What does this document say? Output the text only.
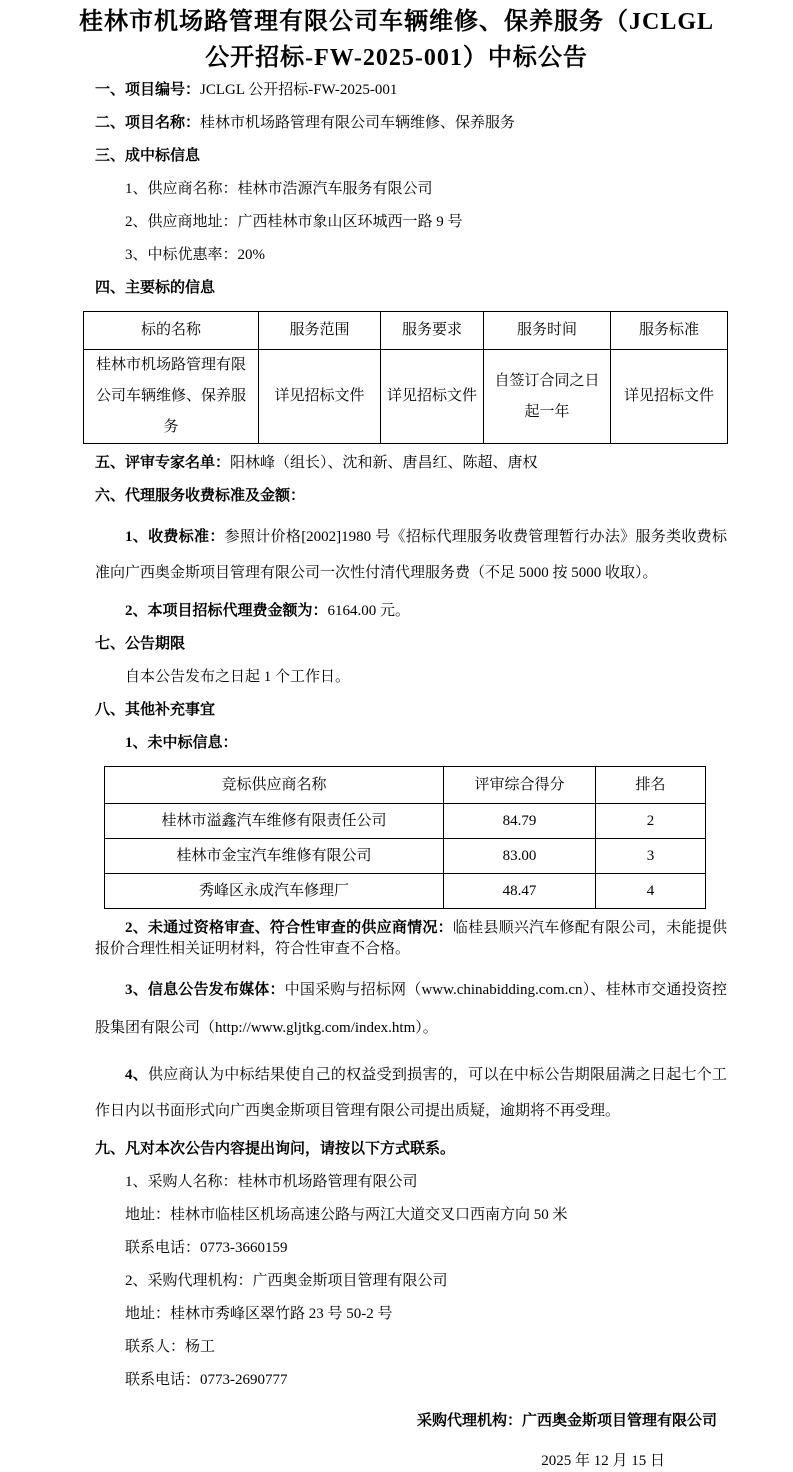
桂林市机场路管理有限公司车辆维修、保养服务（JCLGL
公开招标-FW-2025-001）中标公告

一、项目编号：JCLGL 公开招标-FW-2025-001

二、项目名称：桂林市机场路管理有限公司车辆维修、保养服务

三、成中标信息

1、供应商名称：桂林市浩源汽车服务有限公司

2、供应商地址：广西桂林市象山区环城西一路 9 号

3、中标优惠率：20%

四、主要标的信息

标的名称	服务范围	服务要求	服务时间	服务标准
桂林市机场路管理有限公司车辆维修、保养服务	详见招标文件	详见招标文件	自签订合同之日起一年	详见招标文件

五、评审专家名单：阳林峰（组长）、沈和新、唐昌红、陈超、唐权

六、代理服务收费标准及金额：

1、收费标准：参照计价格[2002]1980 号《招标代理服务收费管理暂行办法》服务类收费标准向广西奥金斯项目管理有限公司一次性付清代理服务费（不足 5000 按 5000 收取）。

2、本项目招标代理费金额为：6164.00 元。

七、公告期限

自本公告发布之日起 1 个工作日。

八、其他补充事宜

1、未中标信息：

竞标供应商名称	评审综合得分	排名
桂林市溢鑫汽车维修有限责任公司	84.79	2
桂林市金宝汽车维修有限公司	83.00	3
秀峰区永成汽车修理厂	48.47	4

2、未通过资格审查、符合性审查的供应商情况：临桂县顺兴汽车修配有限公司，未能提供报价合理性相关证明材料，符合性审查不合格。

3、信息公告发布媒体：中国采购与招标网（www.chinabidding.com.cn）、桂林市交通投资控股集团有限公司（http://www.gljtkg.com/index.htm）。

4、供应商认为中标结果使自己的权益受到损害的，可以在中标公告期限届满之日起七个工作日内以书面形式向广西奥金斯项目管理有限公司提出质疑，逾期将不再受理。

九、凡对本次公告内容提出询问，请按以下方式联系。

1、采购人名称：桂林市机场路管理有限公司

地址：桂林市临桂区机场高速公路与两江大道交叉口西南方向 50 米

联系电话：0773-3660159

2、采购代理机构：广西奥金斯项目管理有限公司

地址：桂林市秀峰区翠竹路 23 号 50-2 号

联系人：杨工

联系电话：0773-2690777

采购代理机构：广西奥金斯项目管理有限公司

2025 年 12 月 15 日
